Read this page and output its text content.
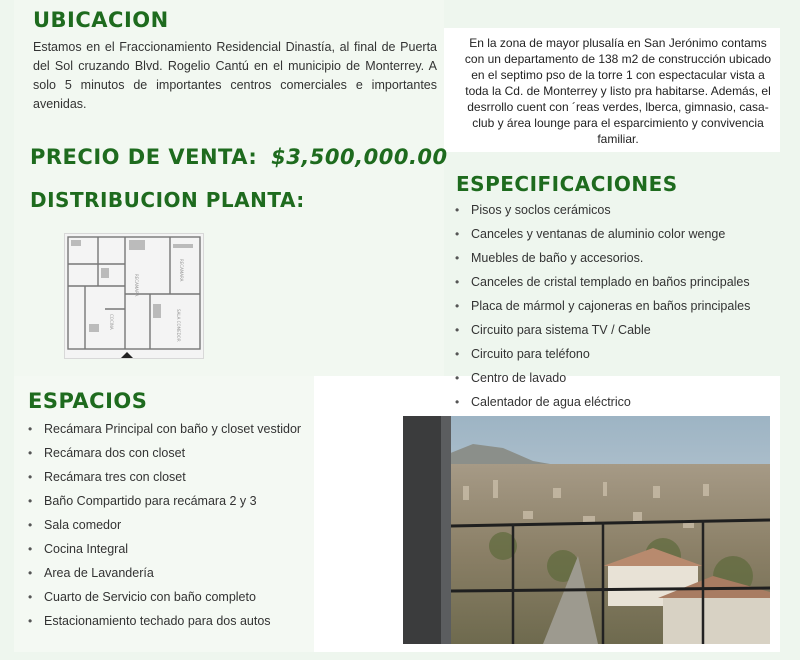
UBICACION

Estamos en el Fraccionamiento Residencial Dinastía, al final de Puerta del Sol cruzando Blvd. Rogelio Cantú en el municipio de Monterrey. A solo 5 minutos de importantes centros comerciales e importantes avenidas.

En la zona de mayor plusalía en San Jerónimo contams con un departamento de 138 m2 de construcción ubicado en el septimo pso de la torre 1 con espectacular vista a toda la Cd. de Monterrey y listo pra habitarse. Además, el desrrollo cuent con ´reas verdes, lberca, gimnasio, casa-club y área lounge para el esparcimiento y convivencia familiar.

PRECIO DE VENTA: $3,500,000.00
DISTRIBUCION PLANTA:
RECAMARA
RECAMARA
SALA COMEDOR
COCINA
ESPECIFICACIONES
• Pisos y soclos cerámicos
• Canceles y ventanas de aluminio color wenge
• Muebles de baño y accesorios.
• Canceles de cristal templado en baños principales
• Placa de mármol y cajoneras en baños principales
• Circuito para sistema TV / Cable
• Circuito para teléfono
• Centro de lavado
• Calentador de agua eléctrico
ESPACIOS
• Recámara Principal con baño y closet vestidor
• Recámara dos con closet
• Recámara tres con closet
• Baño Compartido para recámara 2 y 3
• Sala comedor
• Cocina Integral
• Area de Lavandería
• Cuarto de Servicio con baño completo
• Estacionamiento techado para dos autos
